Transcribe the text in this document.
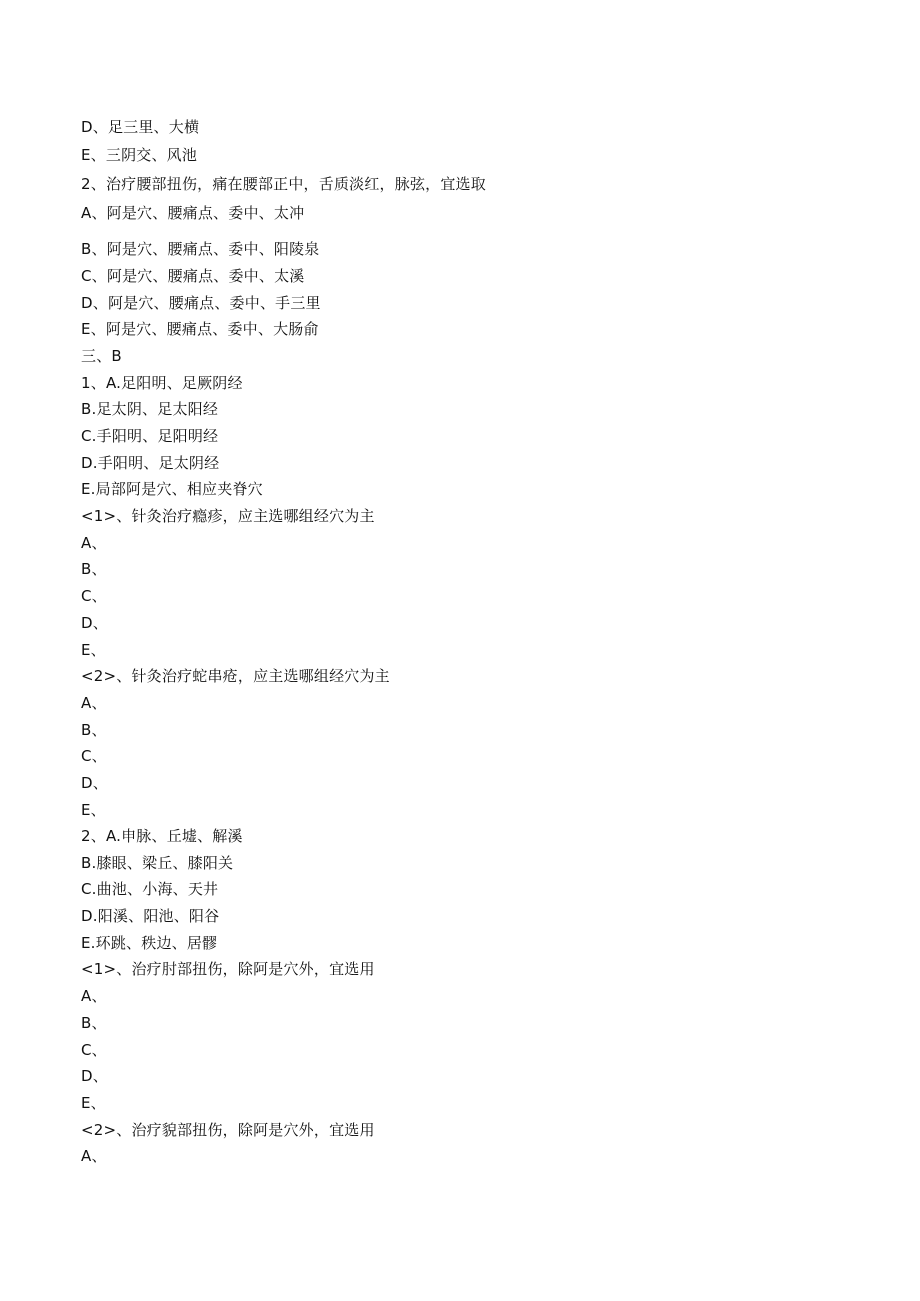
D、足三里、大横
E、三阴交、风池
2、治疗腰部扭伤，痛在腰部正中，舌质淡红，脉弦，宜选取
A、阿是穴、腰痛点、委中、太冲
B、阿是穴、腰痛点、委中、阳陵泉
C、阿是穴、腰痛点、委中、太溪
D、阿是穴、腰痛点、委中、手三里
E、阿是穴、腰痛点、委中、大肠俞
三、B
1、A.足阳明、足厥阴经
B.足太阴、足太阳经
C.手阳明、足阳明经
D.手阳明、足太阴经
E.局部阿是穴、相应夹脊穴
<1>、针灸治疗瘾疹，应主选哪组经穴为主
A、
B、
C、
D、
E、
<2>、针灸治疗蛇串疮，应主选哪组经穴为主
A、
B、
C、
D、
E、
2、A.申脉、丘墟、解溪
B.膝眼、梁丘、膝阳关
C.曲池、小海、天井
D.阳溪、阳池、阳谷
E.环跳、秩边、居髎
<1>、治疗肘部扭伤，除阿是穴外，宜选用
A、
B、
C、
D、
E、
<2>、治疗貌部扭伤，除阿是穴外，宜选用
A、
